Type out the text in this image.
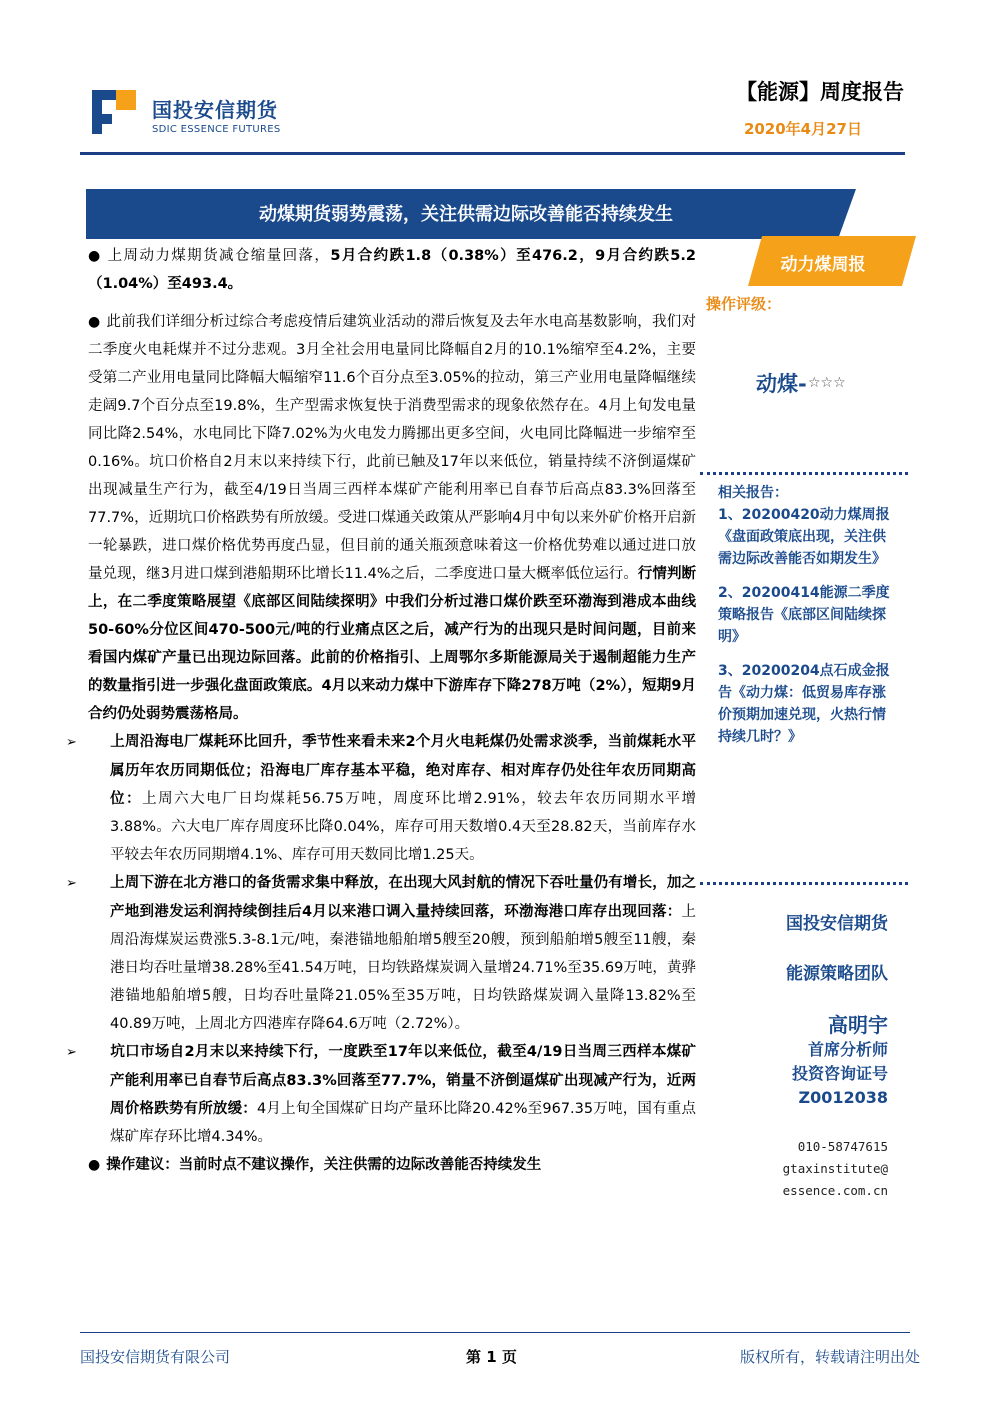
国投安信期货
SDIC ESSENCE FUTURES
【能源】周度报告
2020年4月27日
动煤期货弱势震荡，关注供需边际改善能否持续发生

● 上周动力煤期货减仓缩量回落，5月合约跌1.8（0.38%）至476.2，9月合约跌5.2（1.04%）至493.4。

● 此前我们详细分析过综合考虑疫情后建筑业活动的滞后恢复及去年水电高基数影响，我们对二季度火电耗煤并不过分悲观。3月全社会用电量同比降幅自2月的10.1%缩窄至4.2%，主要受第二产业用电量同比降幅大幅缩窄11.6个百分点至3.05%的拉动，第三产业用电量降幅继续走阔9.7个百分点至19.8%，生产型需求恢复快于消费型需求的现象依然存在。4月上旬发电量同比降2.54%，水电同比下降7.02%为火电发力腾挪出更多空间，火电同比降幅进一步缩窄至0.16%。坑口价格自2月末以来持续下行，此前已触及17年以来低位，销量持续不济倒逼煤矿出现减量生产行为，截至4/19日当周三西样本煤矿产能利用率已自春节后高点83.3%回落至77.7%，近期坑口价格跌势有所放缓。受进口煤通关政策从严影响4月中旬以来外矿价格开启新一轮暴跌，进口煤价格优势再度凸显，但目前的通关瓶颈意味着这一价格优势难以通过进口放量兑现，继3月进口煤到港船期环比增长11.4%之后，二季度进口量大概率低位运行。行情判断上，在二季度策略展望《底部区间陆续探明》中我们分析过港口煤价跌至环渤海到港成本曲线50-60%分位区间470-500元/吨的行业痛点区之后，减产行为的出现只是时间问题，目前来看国内煤矿产量已出现边际回落。此前的价格指引、上周鄂尔多斯能源局关于遏制超能力生产的数量指引进一步强化盘面政策底。4月以来动力煤中下游库存下降278万吨（2%），短期9月合约仍处弱势震荡格局。

➢ 上周沿海电厂煤耗环比回升，季节性来看未来2个月火电耗煤仍处需求淡季，当前煤耗水平属历年农历同期低位；沿海电厂库存基本平稳，绝对库存、相对库存仍处往年农历同期高位：上周六大电厂日均煤耗56.75万吨，周度环比增2.91%，较去年农历同期水平增3.88%。六大电厂库存周度环比降0.04%，库存可用天数增0.4天至28.82天，当前库存水平较去年农历同期增4.1%、库存可用天数同比增1.25天。

➢ 上周下游在北方港口的备货需求集中释放，在出现大风封航的情况下吞吐量仍有增长，加之产地到港发运利润持续倒挂后4月以来港口调入量持续回落，环渤海港口库存出现回落：上周沿海煤炭运费涨5.3-8.1元/吨，秦港锚地船舶增5艘至20艘，预到船舶增5艘至11艘，秦港日均吞吐量增38.28%至41.54万吨，日均铁路煤炭调入量增24.71%至35.69万吨，黄骅港锚地船舶增5艘，日均吞吐量降21.05%至35万吨，日均铁路煤炭调入量降13.82%至40.89万吨，上周北方四港库存降64.6万吨（2.72%）。

➢ 坑口市场自2月末以来持续下行，一度跌至17年以来低位，截至4/19日当周三西样本煤矿产能利用率已自春节后高点83.3%回落至77.7%，销量不济倒逼煤矿出现减产行为，近两周价格跌势有所放缓：4月上旬全国煤矿日均产量环比降20.42%至967.35万吨，国有重点煤矿库存环比增4.34%。

● 操作建议：当前时点不建议操作，关注供需的边际改善能否持续发生

动力煤周报
操作评级：
动煤- ☆☆☆

相关报告：

1、20200420动力煤周报《盘面政策底出现，关注供需边际改善能否如期发生》

2、20200414能源二季度策略报告《底部区间陆续探明》

3、20200204点石成金报告《动力煤：低贸易库存涨价预期加速兑现，火热行情持续几时？》

国投安信期货
能源策略团队
高明宇
首席分析师
投资咨询证号
Z0012038
010-58747615
gtaxinstitute@
essence.com.cn
国投安信期货有限公司	第 1 页	版权所有，转载请注明出处
